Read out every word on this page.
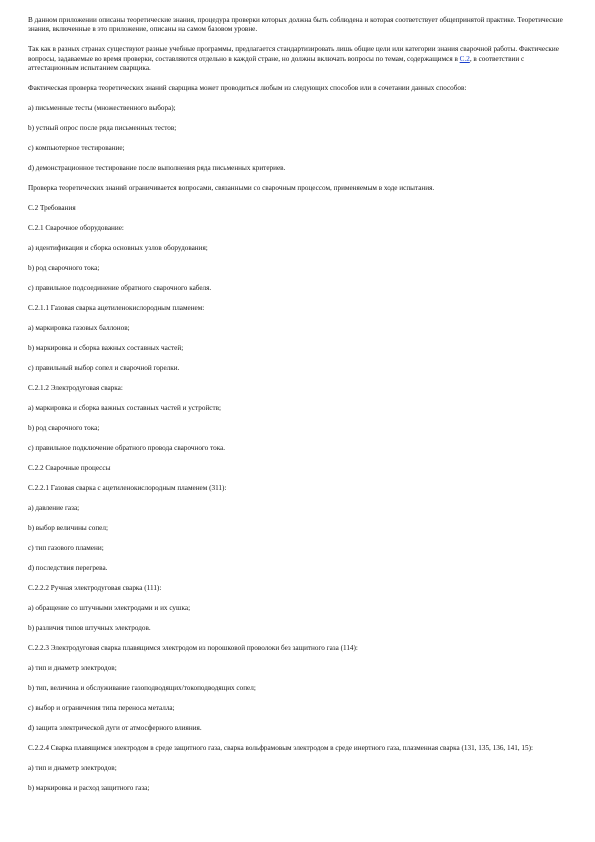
В данном приложении описаны теоретические знания, процедура проверки которых должна быть соблюдена и которая соответствует общепринятой практике. Теоретические знания, включенные в это приложение, описаны на самом базовом уровне.

Так как в разных странах существуют разные учебные программы, предлагается стандартизировать лишь общие цели или категории знания сварочной работы. Фактические вопросы, задаваемые во время проверки, составляются отдельно в каждой стране, но должны включать вопросы по темам, содержащимся в С.2, в соответствии с аттестационным испытанием сварщика.

Фактическая проверка теоретических знаний сварщика может проводиться любым из следующих способов или в сочетании данных способов:

a) письменные тесты (множественного выбора);

b) устный опрос после ряда письменных тестов;

c) компьютерное тестирование;

d) демонстрационное тестирование после выполнения ряда письменных критериев.

Проверка теоретических знаний ограничивается вопросами, связанными со сварочным процессом, применяемым в ходе испытания.

С.2 Требования

С.2.1 Сварочное оборудование:

a) идентификация и сборка основных узлов оборудования;

b) род сварочного тока;

c) правильное подсоединение обратного сварочного кабеля.

С.2.1.1 Газовая сварка ацетиленокислородным пламенем:

a) маркировка газовых баллонов;

b) маркировка и сборка важных составных частей;

c) правильный выбор сопел и сварочной горелки.

С.2.1.2 Электродуговая сварка:

a) маркировка и сборка важных составных частей и устройств;

b) род сварочного тока;

c) правильное подключение обратного провода сварочного тока.

С.2.2 Сварочные процессы

С.2.2.1 Газовая сварка с ацетиленокислородным пламенем (311):

a) давление газа;

b) выбор величины сопел;

c) тип газового пламени;

d) последствия перегрева.

С.2.2.2 Ручная электродуговая сварка (111):

a) обращение со штучными электродами и их сушка;

b) различия типов штучных электродов.

С.2.2.3 Электродуговая сварка плавящимся электродом из порошковой проволоки без защитного газа (114):

a) тип и диаметр электродов;

b) тип, величина и обслуживание газоподводящих/токоподводящих сопел;

c) выбор и ограничения типа переноса металла;

d) защита электрической дуги от атмосферного влияния.

С.2.2.4 Сварка плавящимся электродом в среде защитного газа, сварка вольфрамовым электродом в среде инертного газа, плазменная сварка (131, 135, 136, 141, 15):

a) тип и диаметр электродов;

b) маркировка и расход защитного газа;
